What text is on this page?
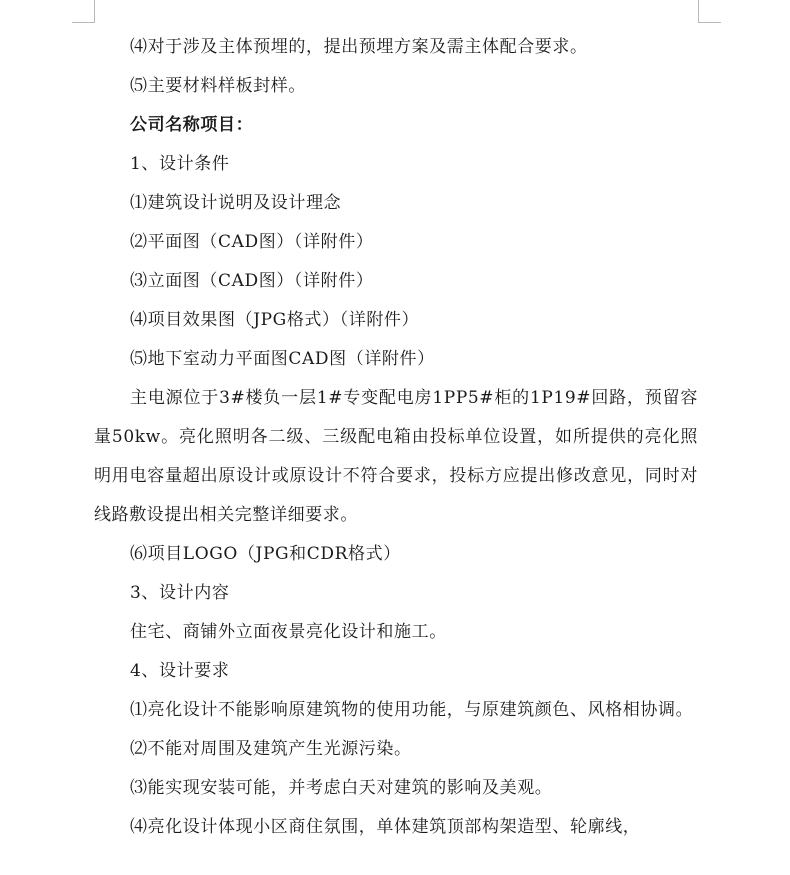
⑷对于涉及主体预埋的，提出预埋方案及需主体配合要求。

⑸主要材料样板封样。

公司名称项目：

1、设计条件

⑴建筑设计说明及设计理念

⑵平面图（CAD图）（详附件）

⑶立面图（CAD图）（详附件）

⑷项目效果图（JPG格式）（详附件）

⑸地下室动力平面图CAD图（详附件）

主电源位于3#楼负一层1#专变配电房1PP5#柜的1P19#回路，预留容量50kw。亮化照明各二级、三级配电箱由投标单位设置，如所提供的亮化照明用电容量超出原设计或原设计不符合要求，投标方应提出修改意见，同时对线路敷设提出相关完整详细要求。

⑹项目LOGO（JPG和CDR格式）

3、设计内容

住宅、商铺外立面夜景亮化设计和施工。

4、设计要求

⑴亮化设计不能影响原建筑物的使用功能，与原建筑颜色、风格相协调。

⑵不能对周围及建筑产生光源污染。

⑶能实现安装可能，并考虑白天对建筑的影响及美观。

⑷亮化设计体现小区商住氛围，单体建筑顶部构架造型、轮廓线，
